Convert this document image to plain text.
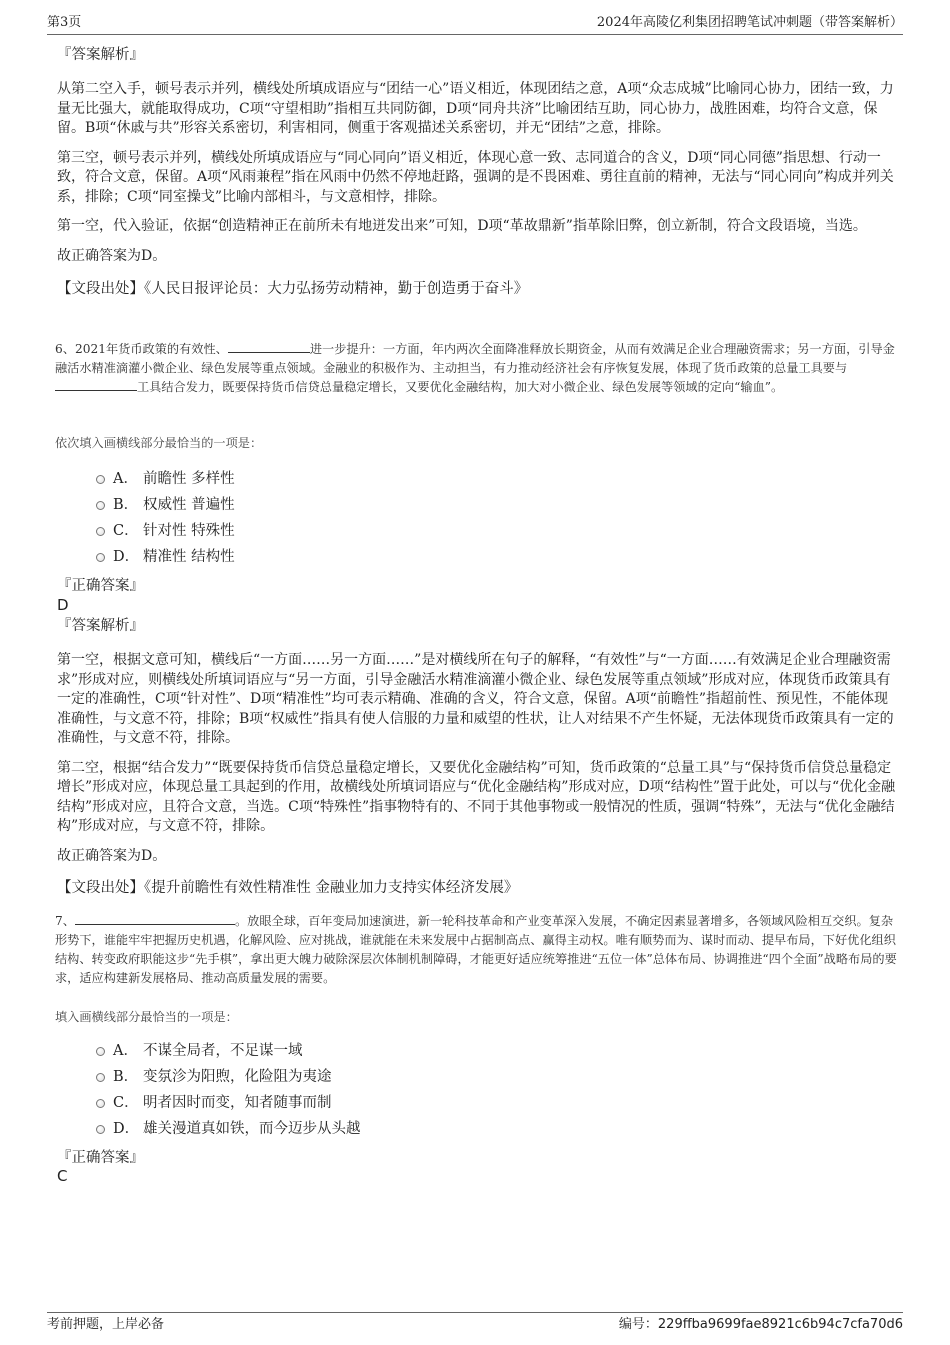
第3页	2024年高陵亿利集团招聘笔试冲刺题（带答案解析）

『答案解析』

从第二空入手，顿号表示并列，横线处所填成语应与“团结一心”语义相近，体现团结之意，A项“众志成城”比喻同心协力，团结一致，力量无比强大，就能取得成功，C项“守望相助”指相互共同防御，D项“同舟共济”比喻团结互助，同心协力，战胜困难，均符合文意，保留。B项“休戚与共”形容关系密切，利害相同，侧重于客观描述关系密切，并无“团结”之意，排除。

第三空，顿号表示并列，横线处所填成语应与“同心同向”语义相近，体现心意一致、志同道合的含义，D项“同心同德”指思想、行动一致，符合文意，保留。A项“风雨兼程”指在风雨中仍然不停地赶路，强调的是不畏困难、勇往直前的精神，无法与“同心同向”构成并列关系，排除；C项“同室操戈”比喻内部相斗，与文意相悖，排除。

第一空，代入验证，依据“创造精神正在前所未有地迸发出来”可知，D项“革故鼎新”指革除旧弊，创立新制，符合文段语境，当选。

故正确答案为D。

【文段出处】《人民日报评论员：大力弘扬劳动精神，勤于创造勇于奋斗》

6、2021年货币政策的有效性、	进一步提升：一方面，年内两次全面降准释放长期资金，从而有效满足企业合理融资需求；另一方面，引导金融活水精准滴灌小微企业、绿色发展等重点领域。金融业的积极作为、主动担当，有力推动经济社会有序恢复发展，体现了货币政策的总量工具要与工具结合发力，既要保持货币信贷总量稳定增长，又要优化金融结构，加大对小微企业、绿色发展等领域的定向“输血”。

依次填入画横线部分最恰当的一项是：

A． 前瞻性 多样性
B． 权威性 普遍性
C． 针对性 特殊性
D． 精准性 结构性

『正确答案』

D

『答案解析』

第一空，根据文意可知，横线后“一方面……另一方面……”是对横线所在句子的解释，“有效性”与“一方面……有效满足企业合理融资需求”形成对应，则横线处所填词语应与“另一方面，引导金融活水精准滴灌小微企业、绿色发展等重点领域”形成对应，体现货币政策具有一定的准确性，C项“针对性”、D项“精准性”均可表示精确、准确的含义，符合文意，保留。A项“前瞻性”指超前性、预见性，不能体现准确性，与文意不符，排除；B项“权威性”指具有使人信服的力量和威望的性状，让人对结果不产生怀疑，无法体现货币政策具有一定的准确性，与文意不符，排除。

第二空，根据“结合发力”“既要保持货币信贷总量稳定增长，又要优化金融结构”可知，货币政策的“总量工具”与“保持货币信贷总量稳定增长”形成对应，体现总量工具起到的作用，故横线处所填词语应与“优化金融结构”形成对应，D项“结构性”置于此处，可以与“优化金融结构”形成对应，且符合文意，当选。C项“特殊性”指事物特有的、不同于其他事物或一般情况的性质，强调“特殊”，无法与“优化金融结构”形成对应，与文意不符，排除。

故正确答案为D。

【文段出处】《提升前瞻性有效性精准性 金融业加力支持实体经济发展》

7、	。放眼全球，百年变局加速演进，新一轮科技革命和产业变革深入发展，不确定因素显著增多，各领域风险相互交织。复杂形势下，谁能牢牢把握历史机遇，化解风险、应对挑战，谁就能在未来发展中占据制高点、赢得主动权。唯有顺势而为、谋时而动、提早布局，下好优化组织结构、转变政府职能这步“先手棋”，拿出更大魄力破除深层次体制机制障碍，才能更好适应统筹推进“五位一体”总体布局、协调推进“四个全面”战略布局的要求，适应构建新发展格局、推动高质量发展的需要。

填入画横线部分最恰当的一项是：

A． 不谋全局者，不足谋一域
B． 变氛沴为阳煦，化险阻为夷途
C． 明者因时而变，知者随事而制
D． 雄关漫道真如铁，而今迈步从头越

『正确答案』

C

考前押题，上岸必备	编号：229ffba9699fae8921c6b94c7cfa70d6
